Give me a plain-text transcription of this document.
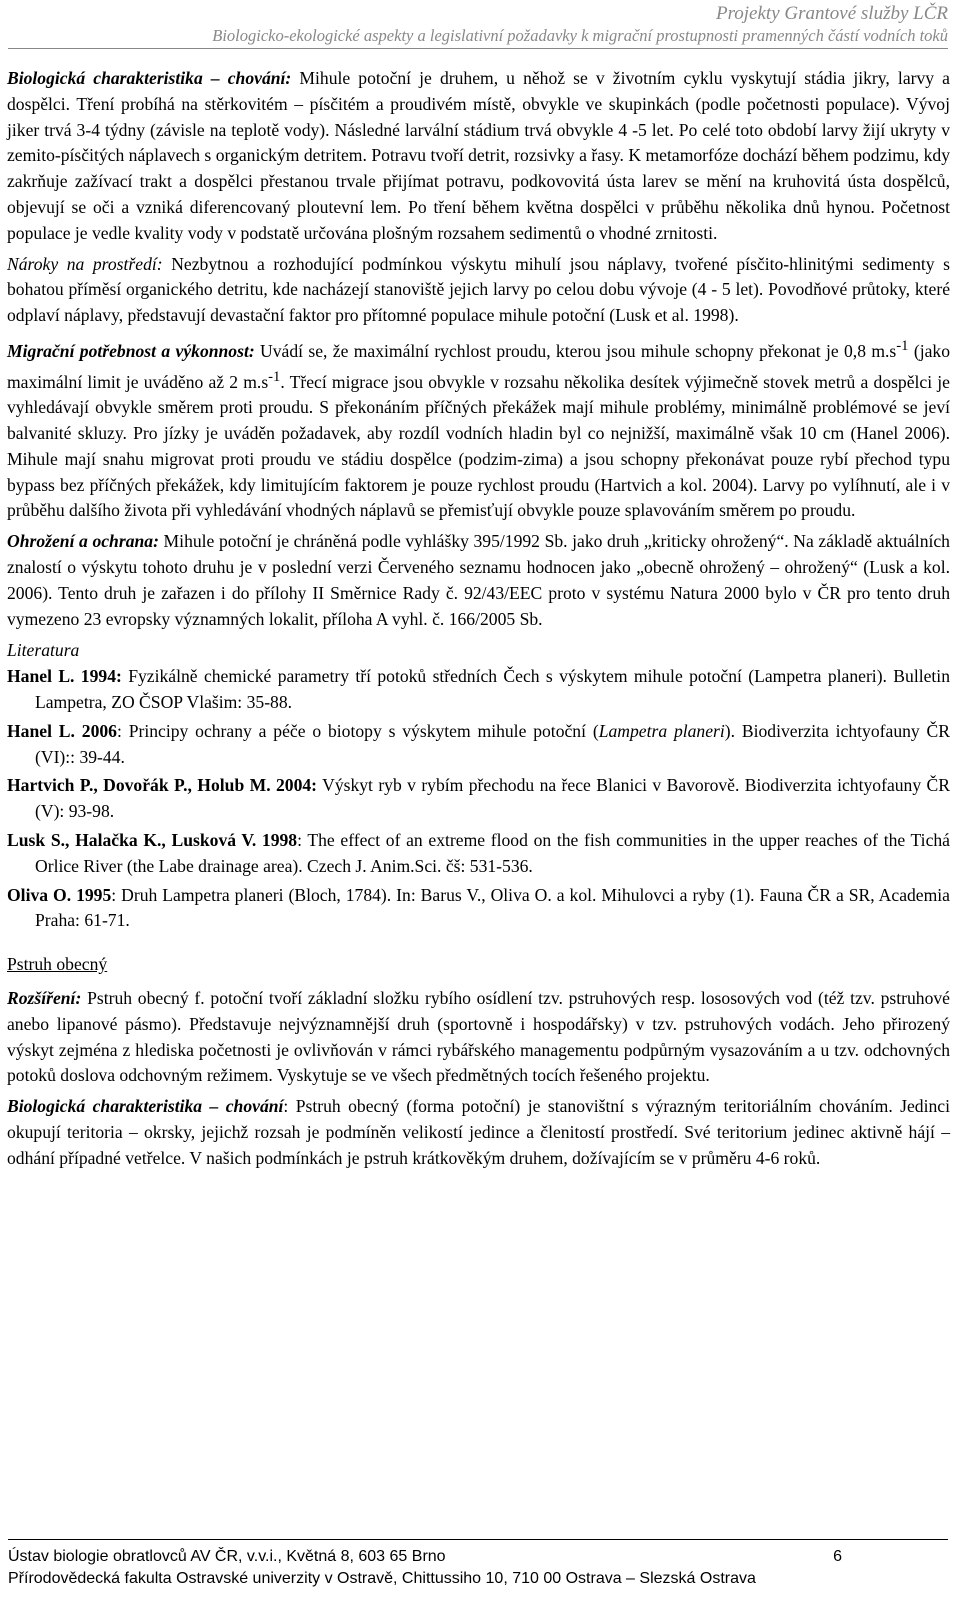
Projekty Grantové služby LČR
Biologicko-ekologické aspekty a legislativní požadavky k migrační prostupnosti pramenných částí vodních toků

Biologická charakteristika – chování: Mihule potoční je druhem, u něhož se v životním cyklu vyskytují stádia jikry, larvy a dospělci. Tření probíhá na stěrkovitém – písčitém a proudivém místě, obvykle ve skupinkách (podle početnosti populace). Vývoj jiker trvá 3-4 týdny (závisle na teplotě vody). Následné larvální stádium trvá obvykle 4 -5 let. Po celé toto období larvy žijí ukryty v zemito-písčitých náplavech s organickým detritem. Potravu tvoří detrit, rozsivky a řasy. K metamorfóze dochází během podzimu, kdy zakrňuje zažívací trakt a dospělci přestanou trvale přijímat potravu, podkovovitá ústa larev se mění na kruhovitá ústa dospělců, objevují se oči a vzniká diferencovaný ploutevní lem. Po tření během května dospělci v průběhu několika dnů hynou. Početnost populace je vedle kvality vody v podstatě určována plošným rozsahem sedimentů o vhodné zrnitosti.

Nároky na prostředí: Nezbytnou a rozhodující podmínkou výskytu mihulí jsou náplavy, tvořené písčito-hlinitými sedimenty s bohatou příměsí organického detritu, kde nacházejí stanoviště jejich larvy po celou dobu vývoje (4 - 5 let). Povodňové průtoky, které odplaví náplavy, představují devastační faktor pro přítomné populace mihule potoční (Lusk et al. 1998).

Migrační potřebnost a výkonnost: Uvádí se, že maximální rychlost proudu, kterou jsou mihule schopny překonat je 0,8 $m.s^{-1}$ (jako maximální limit je uváděno až 2 $m.s^{-1}$. Třecí migrace jsou obvykle v rozsahu několika desítek výjimečně stovek metrů a dospělci je vyhledávají obvykle směrem proti proudu. S překonáním příčných překážek mají mihule problémy, minimálně problémové se jeví balvanité skluzy. Pro jízky je uváděn požadavek, aby rozdíl vodních hladin byl co nejnižší, maximálně však 10 cm (Hanel 2006). Mihule mají snahu migrovat proti proudu ve stádiu dospělce (podzim-zima) a jsou schopny překonávat pouze rybí přechod typu bypass bez příčných překážek, kdy limitujícím faktorem je pouze rychlost proudu (Hartvich a kol. 2004). Larvy po vylíhnutí, ale i v průběhu dalšího života při vyhledávání vhodných náplavů se přemisťují obvykle pouze splavováním směrem po proudu.

Ohrožení a ochrana: Mihule potoční je chráněná podle vyhlášky 395/1992 Sb. jako druh „kriticky ohrožený“. Na základě aktuálních znalostí o výskytu tohoto druhu je v poslední verzi Červeného seznamu hodnocen jako „obecně ohrožený – ohrožený“ (Lusk a kol. 2006). Tento druh je zařazen i do přílohy II Směrnice Rady č. 92/43/EEC proto v systému Natura 2000 bylo v ČR pro tento druh vymezeno 23 evropsky významných lokalit, příloha A vyhl. č. 166/2005 Sb.

Literatura
Hanel L. 1994: Fyzikálně chemické parametry tří potoků středních Čech s výskytem mihule potoční (Lampetra planeri). Bulletin Lampetra, ZO ČSOP Vlašim: 35-88.
Hanel L. 2006: Principy ochrany a péče o biotopy s výskytem mihule potoční (Lampetra planeri). Biodiverzita ichtyofauny ČR (VI):: 39-44.
Hartvich P., Dovořák P., Holub M. 2004: Výskyt ryb v rybím přechodu na řece Blanici v Bavorově. Biodiverzita ichtyofauny ČR (V): 93-98.
Lusk S., Halačka K., Lusková V. 1998: The effect of an extreme flood on the fish communities in the upper reaches of the Tichá Orlice River (the Labe drainage area). Czech J. Anim.Sci. čš: 531-536.
Oliva O. 1995: Druh Lampetra planeri (Bloch, 1784). In: Barus V., Oliva O. a kol. Mihulovci a ryby (1). Fauna ČR a SR, Academia Praha: 61-71.
Pstruh obecný

Rozšíření: Pstruh obecný f. potoční tvoří základní složku rybího osídlení tzv. pstruhových resp. lososových vod (též tzv. pstruhové anebo lipanové pásmo). Představuje nejvýznamnější druh (sportovně i hospodářsky) v tzv. pstruhových vodách. Jeho přirozený výskyt zejména z hlediska početnosti je ovlivňován v rámci rybářského managementu podpůrným vysazováním a u tzv. odchovných potoků doslova odchovným režimem. Vyskytuje se ve všech předmětných tocích řešeného projektu.

Biologická charakteristika – chování: Pstruh obecný (forma potoční) je stanovištní s výrazným teritoriálním chováním. Jedinci okupují teritoria – okrsky, jejichž rozsah je podmíněn velikostí jedince a členitostí prostředí. Své teritorium jedinec aktivně hájí – odhání případné vetřelce. V našich podmínkách je pstruh krátkověkým druhem, dožívajícím se v průměru 4-6 roků.

Ústav biologie obratlovců AV ČR, v.v.i., Květná 8, 603 65 Brno	6
Přírodovědecká fakulta Ostravské univerzity v Ostravě, Chittussiho 10, 710 00 Ostrava – Slezská Ostrava
